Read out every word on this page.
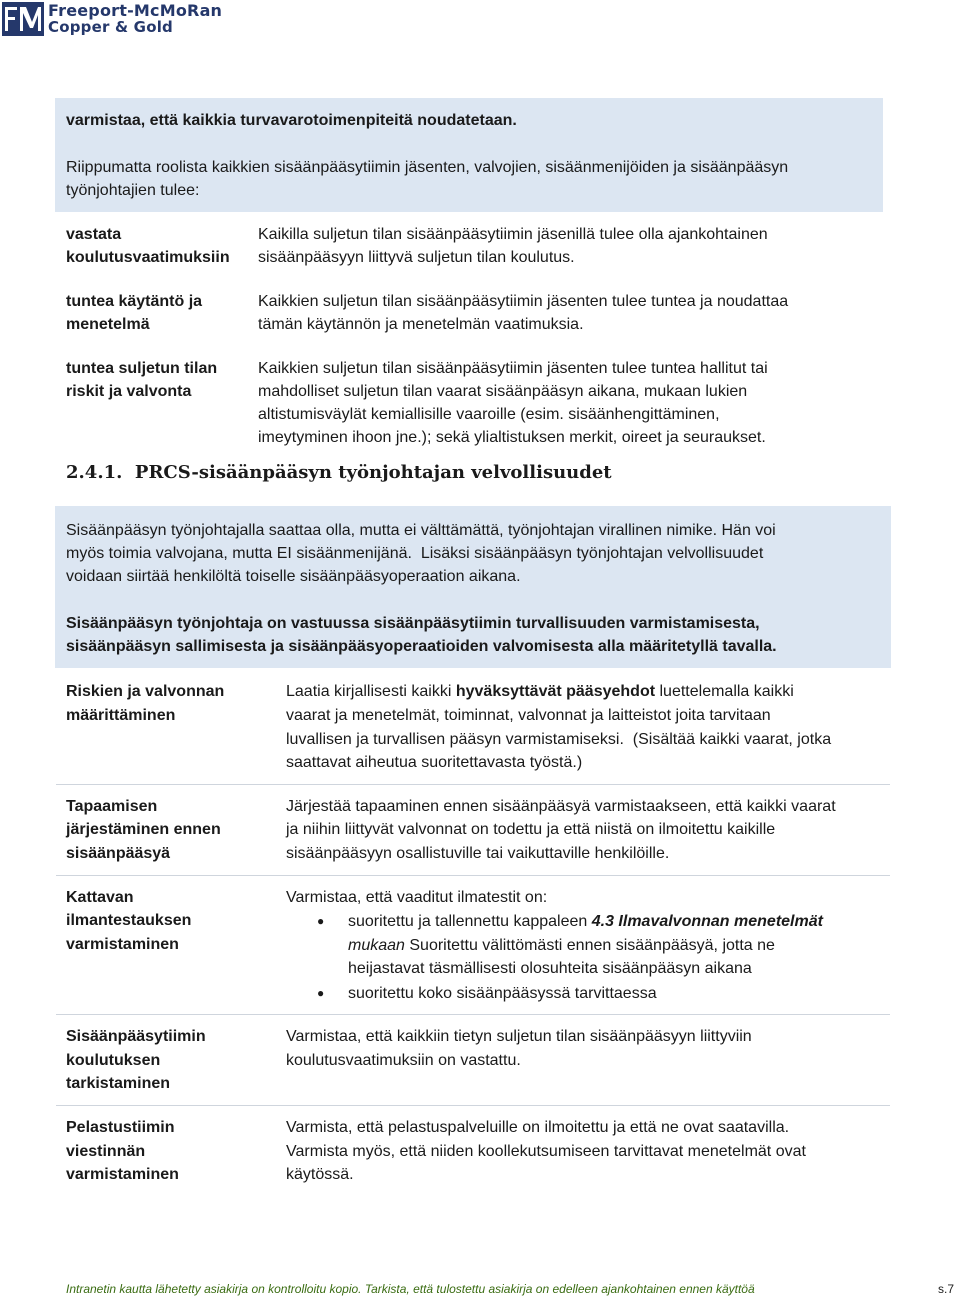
Freeport-McMoRan
Copper & Gold

varmistaa, että kaikkia turvavarotoimenpiteitä noudatetaan.

Riippumatta roolista kaikkien sisäänpääsytiimin jäsenten, valvojien, sisäänmenijöiden ja sisäänpääsyn

työnjohtajien tulee:

vastata

koulutusvaatimuksiin

Kaikilla suljetun tilan sisäänpääsytiimin jäsenillä tulee olla ajankohtainen

sisäänpääsyyn liittyvä suljetun tilan koulutus.

tuntea käytäntö ja

menetelmä

Kaikkien suljetun tilan sisäänpääsytiimin jäsenten tulee tuntea ja noudattaa

tämän käytännön ja menetelmän vaatimuksia.

tuntea suljetun tilan

riskit ja valvonta

Kaikkien suljetun tilan sisäänpääsytiimin jäsenten tulee tuntea hallitut tai

mahdolliset suljetun tilan vaarat sisäänpääsyn aikana, mukaan lukien

altistumisväylät kemiallisille vaaroille (esim. sisäänhengittäminen,

imeytyminen ihoon jne.); sekä ylialtistuksen merkit, oireet ja seuraukset.

2.4.1.  PRCS-sisäänpääsyn työnjohtajan velvollisuudet

Sisäänpääsyn työnjohtajalla saattaa olla, mutta ei välttämättä, työnjohtajan virallinen nimike. Hän voi

myös toimia valvojana, mutta EI sisäänmenijänä.  Lisäksi sisäänpääsyn työnjohtajan velvollisuudet

voidaan siirtää henkilöltä toiselle sisäänpääsyoperaation aikana.

Sisäänpääsyn työnjohtaja on vastuussa sisäänpääsytiimin turvallisuuden varmistamisesta,

sisäänpääsyn sallimisesta ja sisäänpääsyoperaatioiden valvomisesta alla määritetyllä tavalla.

Riskien ja valvonnan

määrittäminen

Laatia kirjallisesti kaikki hyväksyttävät pääsyehdot luettelemalla kaikki

vaarat ja menetelmät, toiminnat, valvonnat ja laitteistot joita tarvitaan

luvallisen ja turvallisen pääsyn varmistamiseksi.  (Sisältää kaikki vaarat, jotka

saattavat aiheutua suoritettavasta työstä.)

Tapaamisen

järjestäminen ennen

sisäänpääsyä

Järjestää tapaaminen ennen sisäänpääsyä varmistaakseen, että kaikki vaarat

ja niihin liittyvät valvonnat on todettu ja että niistä on ilmoitettu kaikille

sisäänpääsyyn osallistuville tai vaikuttaville henkilöille.

Kattavan

ilmantestauksen

varmistaminen

Varmistaa, että vaaditut ilmatestit on:

● suoritettu ja tallennettu kappaleen 4.3 Ilmavalvonnan menetelmät
mukaan Suoritettu välittömästi ennen sisäänpääsyä, jotta ne
heijastavat täsmällisesti olosuhteita sisäänpääsyn aikana
● suoritettu koko sisäänpääsyssä tarvittaessa

Sisäänpääsytiimin

koulutuksen

tarkistaminen

Varmistaa, että kaikkiin tietyn suljetun tilan sisäänpääsyyn liittyviin

koulutusvaatimuksiin on vastattu.

Pelastustiimin

viestinnän

varmistaminen

Varmista, että pelastuspalveluille on ilmoitettu ja että ne ovat saatavilla.

Varmista myös, että niiden koollekutsumiseen tarvittavat menetelmät ovat

käytössä.

Intranetin kautta lähetetty asiakirja on kontrolloitu kopio. Tarkista, että tulostettu asiakirja on edelleen ajankohtainen ennen käyttöä	s.7
